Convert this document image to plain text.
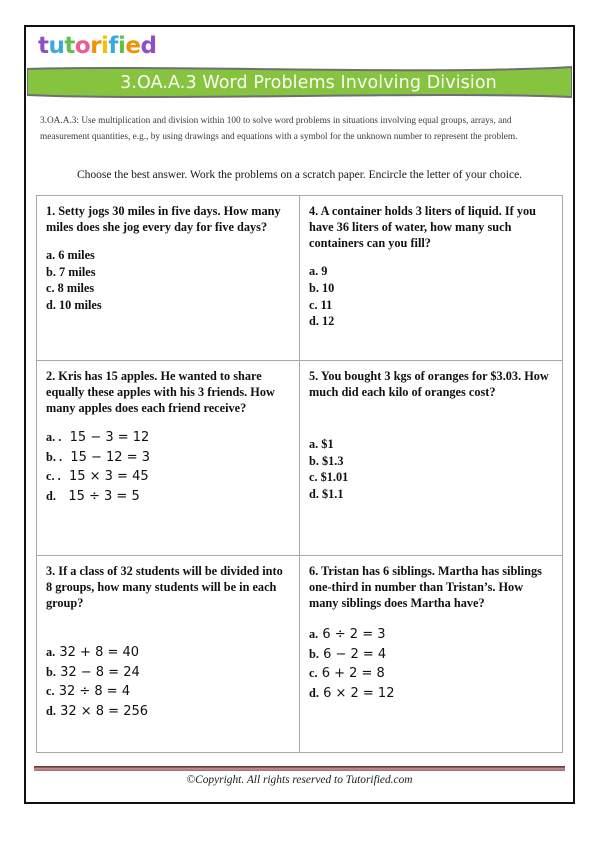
tutorified
3.OA.A.3 Word Problems Involving Division
3.OA.A.3: Use multiplication and division within 100 to solve word problems in situations involving equal groups, arrays, and measurement quantities, e.g., by using drawings and equations with a symbol for the unknown number to represent the problem.
Choose the best answer. Work the problems on a scratch paper. Encircle the letter of your choice.
1. Setty jogs 30 miles in five days. How many miles does she jog every day for five days?
a. 6 miles
b. 7 miles
c. 8 miles
d. 10 miles

4. A container holds 3 liters of liquid. If you have 36 liters of water, how many such containers can you fill?
a. 9
b. 10
c. 11
d. 12

2. Kris has 15 apples. He wanted to share equally these apples with his 3 friends. How many apples does each friend receive?
a. . 15 − 3 = 12
b. . 15 − 12 = 3
c. . 15 × 3 = 45
d. 15 ÷ 3 = 5

5. You bought 3 kgs of oranges for $3.03. How much did each kilo of oranges cost?
a. $1
b. $1.3
c. $1.01
d. $1.1

3. If a class of 32 students will be divided into 8 groups, how many students will be in each group?
a. 32 + 8 = 40
b. 32 − 8 = 24
c. 32 ÷ 8 = 4
d. 32 × 8 = 256

6. Tristan has 6 siblings. Martha has siblings one-third in number than Tristan’s. How many siblings does Martha have?
a. 6 ÷ 2 = 3
b. 6 − 2 = 4
c. 6 + 2 = 8
d. 6 × 2 = 12
©Copyright. All rights reserved to Tutorified.com
